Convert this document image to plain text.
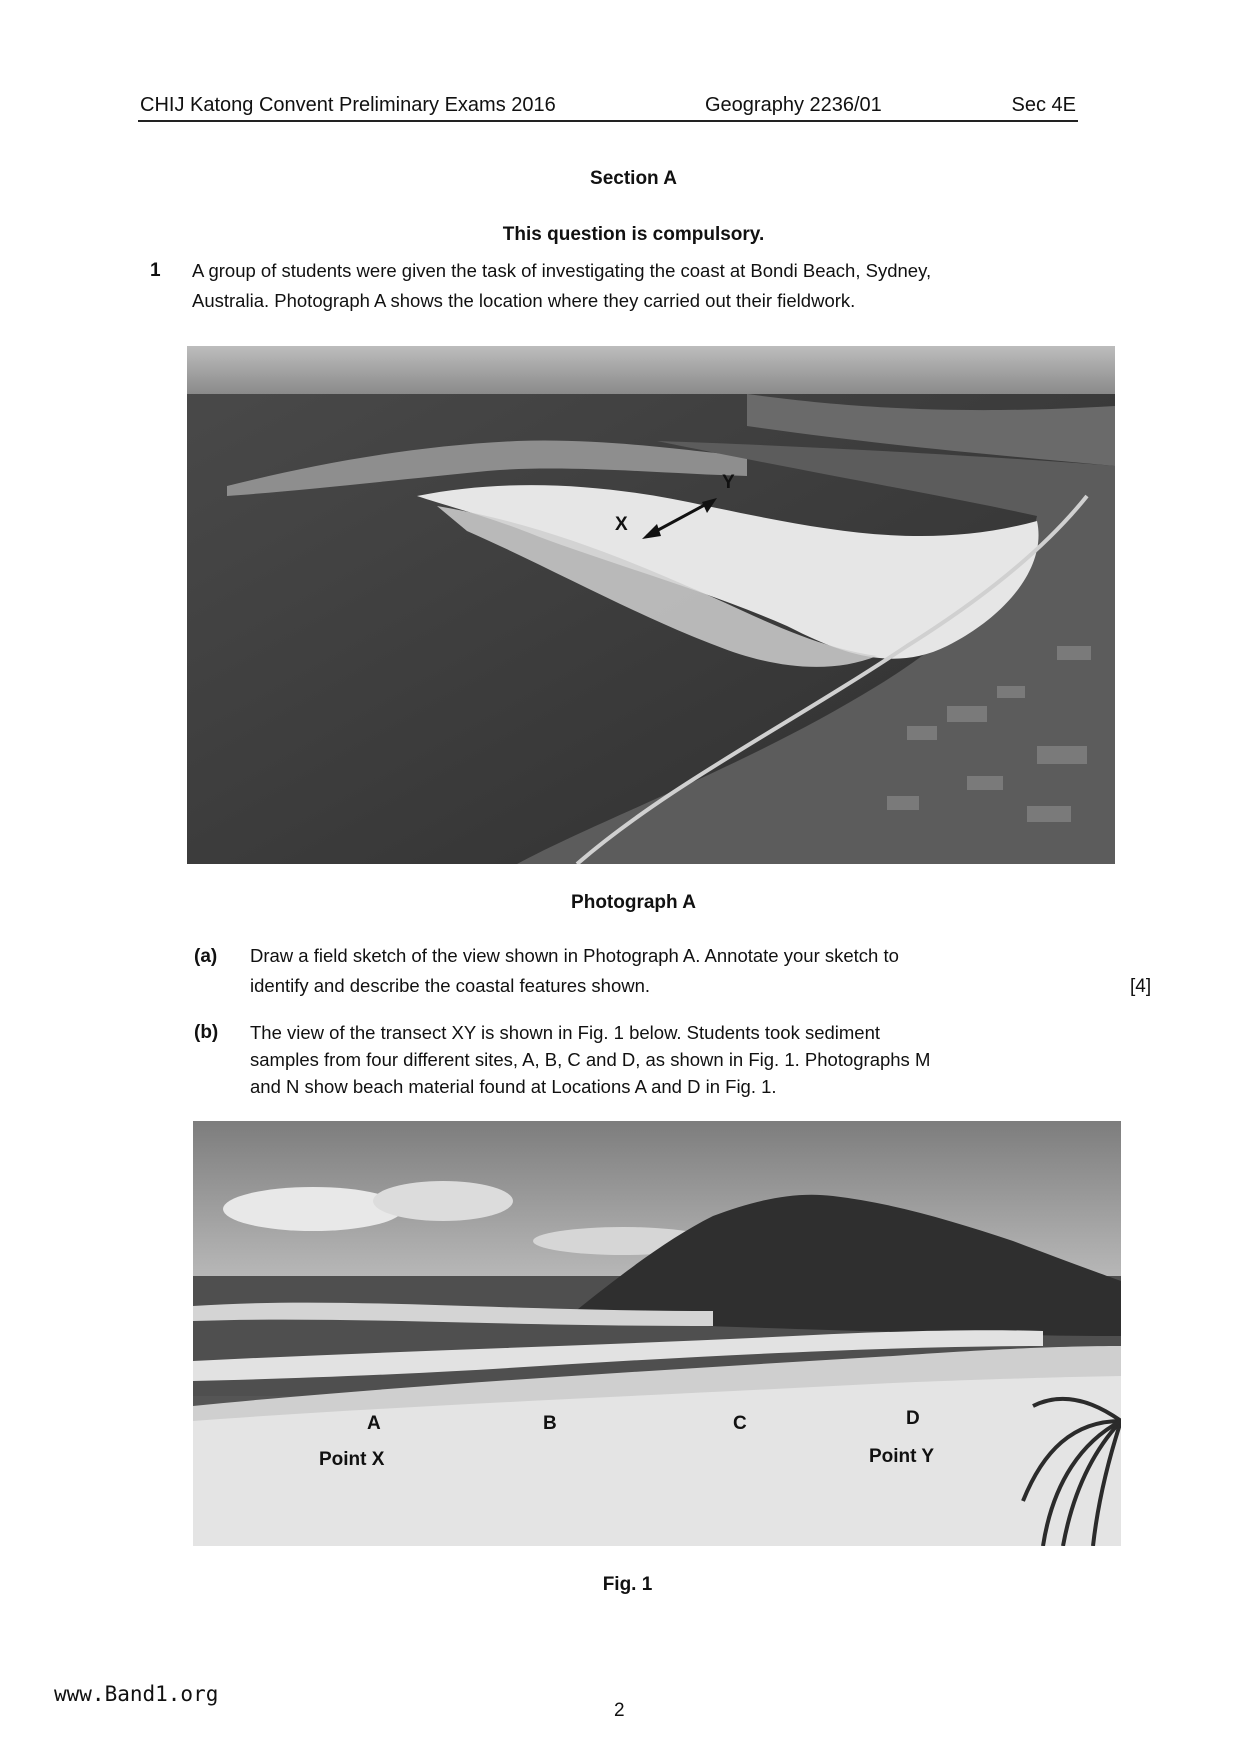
CHIJ Katong Convent Preliminary Exams 2016	Geography 2236/01	Sec 4E
Section A
This question is compulsory.
1 A group of students were given the task of investigating the coast at Bondi Beach, Sydney,
Australia. Photograph A shows the location where they carried out their fieldwork.
X
Y
Photograph A
(a) Draw a field sketch of the view shown in Photograph A. Annotate your sketch to
identify and describe the coastal features shown.	[4]
(b) The view of the transect XY is shown in Fig. 1 below. Students took sediment
samples from four different sites, A, B, C and D, as shown in Fig. 1. Photographs M
and N show beach material found at Locations A and D in Fig. 1.
A	B	C	D
Point X	Point Y
Fig. 1
www.Band1.org
2
